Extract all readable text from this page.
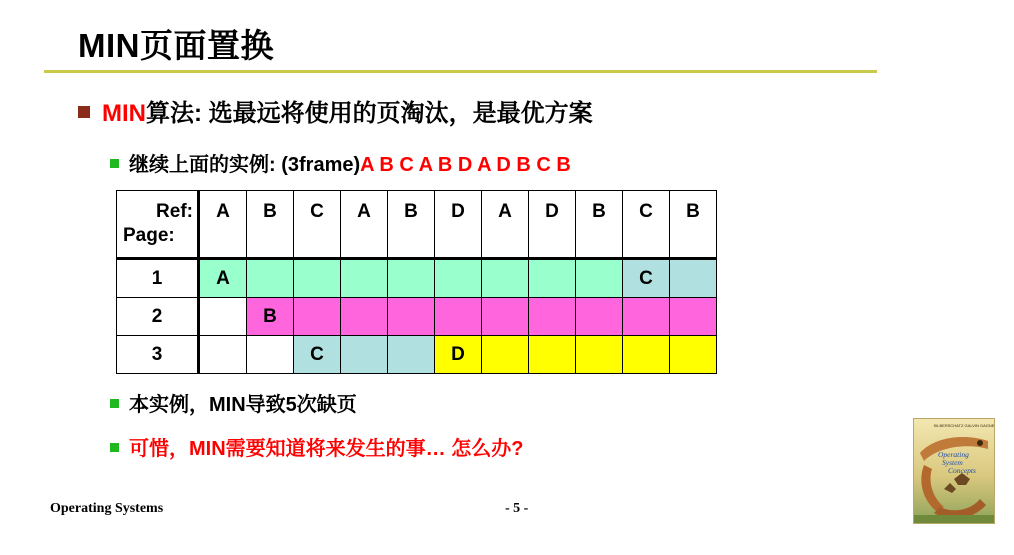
MIN页面置换
MIN算法: 选最远将使用的页淘汰，是最优方案
继续上面的实例: (3frame)A B C A B D A D B C B
Ref:
Page:	A	B	C	A	B	D	A	D	B	C	B
1	A									C	
2		B									
3			C			D					
本实例，MIN导致5次缺页
可惜，MIN需要知道将来发生的事… 怎么办?
Operating Systems	- 5 -
SILBERSCHATZ GALVIN GAGNE
Operating
System
Concepts
